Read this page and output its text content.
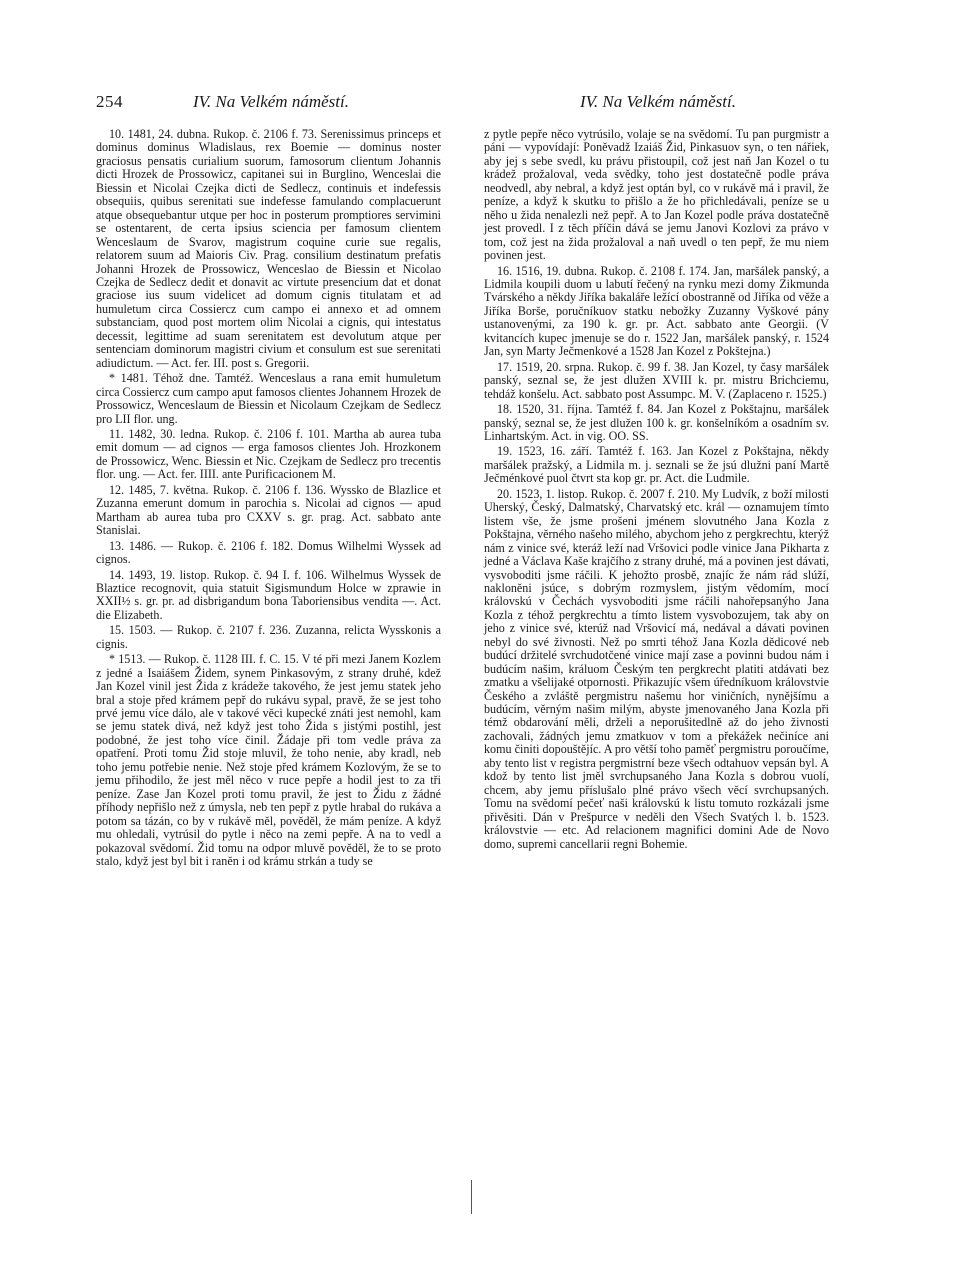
254	IV. Na Velkém náměstí.	IV. Na Velkém náměstí.

10. 1481, 24. dubna. Rukop. č. 2106 f. 73. Serenissimus princeps et dominus dominus Wladislaus, rex Boemie — dominus noster graciosus pensatis curialium suorum, famosorum clientum Johannis dicti Hrozek de Prossowicz, capitanei sui in Burglino, Wenceslai die Biessin et Nicolai Czejka dicti de Sedlecz, continuis et indefessis obsequiis, quibus serenitati sue indefesse famulando complacuerunt atque obsequebantur utque per hoc in posterum promptiores servimini se ostentarent, de certa ipsius sciencia per famosum clientem Wenceslaum de Svarov, magistrum coquine curie sue regalis, relatorem suum ad Maioris Civ. Prag. consilium destinatum prefatis Johanni Hrozek de Prossowicz, Wenceslao de Biessin et Nicolao Czejka de Sedlecz dedit et donavit ac virtute presencium dat et donat graciose ius suum videlicet ad domum cignis titulatam et ad humuletum circa Cossiercz cum campo ei annexo et ad omnem substanciam, quod post mortem olim Nicolai a cignis, qui intestatus decessit, legittime ad suam serenitatem est devolutum atque per sentenciam dominorum magistri civium et consulum est sue serenitati adiudictum. — Act. fer. III. post s. Gregorii.

* 1481. Téhož dne. Tamtéž. Wenceslaus a rana emit humuletum circa Cossiercz cum campo aput famosos clientes Johannem Hrozek de Prossowicz, Wenceslaum de Biessin et Nicolaum Czejkam de Sedlecz pro LII flor. ung.

11. 1482, 30. ledna. Rukop. č. 2106 f. 101. Martha ab aurea tuba emit domum — ad cignos — erga famosos clientes Joh. Hrozkonem de Prossowicz, Wenc. Biessin et Nic. Czejkam de Sedlecz pro trecentis flor. ung. — Act. fer. IIII. ante Purificacionem M.

12. 1485, 7. května. Rukop. č. 2106 f. 136. Wyssko de Blazlice et Zuzanna emerunt domum in parochia s. Nicolai ad cignos — apud Martham ab aurea tuba pro CXXV s. gr. prag. Act. sabbato ante Stanislai.

13. 1486. — Rukop. č. 2106 f. 182. Domus Wilhelmi Wyssek ad cignos.

14. 1493, 19. listop. Rukop. č. 94 I. f. 106. Wilhelmus Wyssek de Blaztice recognovit, quia statuit Sigismundum Holce w zprawie in XXII½ s. gr. pr. ad disbrigandum bona Taboriensibus vendita —. Act. die Elizabeth.

15. 1503. — Rukop. č. 2107 f. 236. Zuzanna, relicta Wysskonis a cignis.

* 1513. — Rukop. č. 1128 III. f. C. 15. V té při mezi Janem Kozlem z jedné a Isaiášem Židem, synem Pinkasovým, z strany druhé, kdež Jan Kozel vinil jest Žida z krádeže takového, že jest jemu statek jeho bral a stoje před krámem pepř do rukávu sypal, pravě, že se jest toho prvé jemu více dálo, ale v takové věci kupecké znáti jest nemohl, kam se jemu statek divá, než když jest toho Žida s jistými postihl, jest podobné, že jest toho více činil. Žádaje při tom vedle práva za opatření. Proti tomu Žid stoje mluvil, že toho nenie, aby kradl, neb toho jemu potřebie nenie. Než stoje před krámem Kozlovým, že se to jemu přihodilo, že jest měl něco v ruce pepře a hodil jest to za tři peníze. Zase Jan Kozel proti tomu pravil, že jest to Židu z žádné příhody nepřišlo než z úmysla, neb ten pepř z pytle hrabal do rukáva a potom sa tázán, co by v rukávě měl, pověděl, že mám peníze. A když mu ohledali, vytrúsil do pytle i něco na zemi pepře. A na to vedl a pokazoval svědomí. Žid tomu na odpor mluvě pověděl, že to se proto stalo, když jest byl bit i raněn i od krámu strkán a tudy se

z pytle pepře něco vytrúsilo, volaje se na svědomí. Tu pan purgmistr a páni — vypovídají: Poněvadž Izaiáš Žid, Pinkasuov syn, o ten nářiek, aby jej s sebe svedl, ku právu přistoupil, což jest naň Jan Kozel o tu krádež prožaloval, veda svědky, toho jest dostatečně podle práva neodvedl, aby nebral, a když jest optán byl, co v rukávě má i pravil, že peníze, a když k skutku to přišlo a že ho přichledávali, peníze se u něho u žida nenalezli než pepř. A to Jan Kozel podle práva dostatečně jest provedl. I z těch příčin dává se jemu Janovi Kozlovi za právo v tom, což jest na žida prožaloval a naň uvedl o ten pepř, že mu niem povinen jest.

16. 1516, 19. dubna. Rukop. č. 2108 f. 174. Jan, maršálek panský, a Lidmila koupili duom u labutí řečený na rynku mezi domy Zikmunda Tvárského a někdy Jiříka bakaláře ležící obostranně od Jiříka od věže a Jiříka Borše, poručníkuov statku nebožky Zuzanny Vyškové pány ustanovenými, za 190 k. gr. pr. Act. sabbato ante Georgii. (V kvitancích kupec jmenuje se do r. 1522 Jan, maršálek panský, r. 1524 Jan, syn Marty Ječmenkové a 1528 Jan Kozel z Pokštejna.)

17. 1519, 20. srpna. Rukop. č. 99 f. 38. Jan Kozel, ty časy maršálek panský, seznal se, že jest dlužen XVIII k. pr. mistru Brichciemu, tehdáž konšelu. Act. sabbato post Assumpc. M. V. (Zaplaceno r. 1525.)

18. 1520, 31. října. Tamtéž f. 84. Jan Kozel z Pokštajnu, maršálek panský, seznal se, že jest dlužen 100 k. gr. konšelníkóm a osadním sv. Linhartským. Act. in vig. OO. SS.

19. 1523, 16. září. Tamtéž f. 163. Jan Kozel z Pokštajna, někdy maršálek pražský, a Lidmila m. j. seznali se že jsú dlužni paní Martě Ječménkové puol čtvrt sta kop gr. pr. Act. die Ludmile.

20. 1523, 1. listop. Rukop. č. 2007 f. 210. My Ludvík, z boží milosti Uherský, Český, Dalmatský, Charvatský etc. král — oznamujem tímto listem vše, že jsme prošeni jménem slovutného Jana Kozla z Pokštajna, věrného našeho milého, abychom jeho z pergkrechtu, kterýž nám z vinice své, kteráž leží nad Vršovici podle vinice Jana Pikharta z jedné a Václava Kaše krajčího z strany druhé, má a povinen jest dávati, vysvoboditi jsme ráčili. K jehožto prosbě, znajíc že nám rád slúží, nakloněni jsúce, s dobrým rozmyslem, jistým vědomím, mocí královskú v Čechách vysvoboditi jsme ráčili nahořepsanýho Jana Kozla z téhož pergkrechtu a tímto listem vysvobozujem, tak aby on jeho z vinice své, kterúž nad Vršovicí má, nedával a dávati povinen nebyl do své živnosti. Než po smrti téhož Jana Kozla dědicové neb budúcí držitelé svrchudotčené vinice mají zase a povinni budou nám i budúcím našim, králuom Českým ten pergkrecht platiti atdávati bez zmatku a všelijaké otpornosti. Přikazujíc všem úředníkuom královstvie Českého a zvláště pergmistru našemu hor viničních, nynějšímu a budúcím, věrným našim milým, abyste jmenovaného Jana Kozla při témž obdarování měli, drželi a neporušitedlně až do jeho živnosti zachovali, žádných jemu zmatkuov v tom a překážek nečiníce ani komu činiti dopouštějíc. A pro větší toho paměť pergmistru poroučíme, aby tento list v registra pergmistrní beze všech odtahuov vepsán byl. A kdož by tento list jměl svrchupsaného Jana Kozla s dobrou vuolí, chcem, aby jemu příslušalo plné právo všech věcí svrchupsaných. Tomu na svědomí pečeť naši královskú k listu tomuto rozkázali jsme přivěsiti. Dán v Prešpurce v neděli den Všech Svatých l. b. 1523. královstvie — etc. Ad relacionem magnifici domini Ade de Novo domo, supremi cancellarii regni Bohemie.
